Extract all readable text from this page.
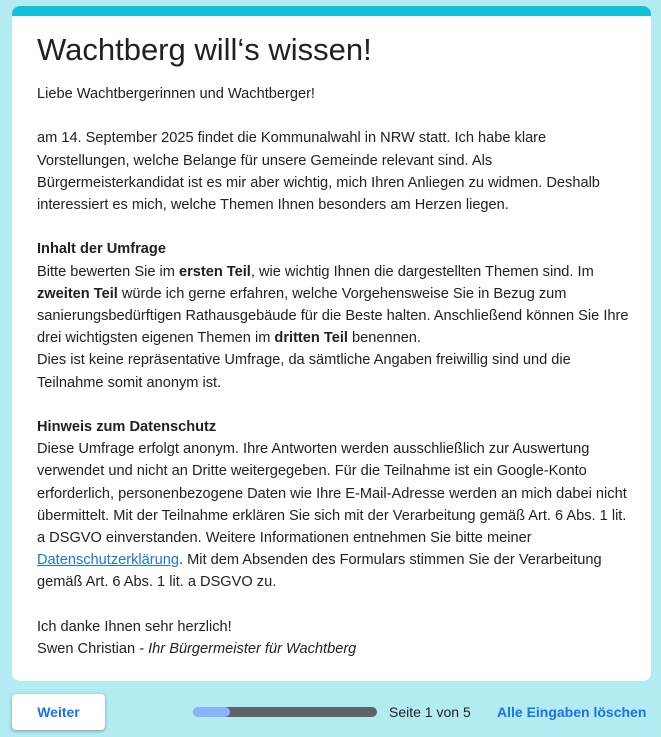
Wachtberg will‘s wissen!

Liebe Wachtbergerinnen und Wachtberger!

am 14. September 2025 findet die Kommunalwahl in NRW statt. Ich habe klare Vorstellungen, welche Belange für unsere Gemeinde relevant sind. Als Bürgermeisterkandidat ist es mir aber wichtig, mich Ihren Anliegen zu widmen. Deshalb interessiert es mich, welche Themen Ihnen besonders am Herzen liegen.

Inhalt der Umfrage

Bitte bewerten Sie im ersten Teil, wie wichtig Ihnen die dargestellten Themen sind. Im zweiten Teil würde ich gerne erfahren, welche Vorgehensweise Sie in Bezug zum sanierungsbedürftigen Rathausgebäude für die Beste halten. Anschließend können Sie Ihre drei wichtigsten eigenen Themen im dritten Teil benennen.

Dies ist keine repräsentative Umfrage, da sämtliche Angaben freiwillig sind und die Teilnahme somit anonym ist.

Hinweis zum Datenschutz

Diese Umfrage erfolgt anonym. Ihre Antworten werden ausschließlich zur Auswertung verwendet und nicht an Dritte weitergegeben. Für die Teilnahme ist ein Google-Konto erforderlich, personenbezogene Daten wie Ihre E-Mail-Adresse werden an mich dabei nicht übermittelt. Mit der Teilnahme erklären Sie sich mit der Verarbeitung gemäß Art. 6 Abs. 1 lit. a DSGVO einverstanden. Weitere Informationen entnehmen Sie bitte meiner Datenschutzerklärung. Mit dem Absenden des Formulars stimmen Sie der Verarbeitung gemäß Art. 6 Abs. 1 lit. a DSGVO zu.

Ich danke Ihnen sehr herzlich!

Swen Christian - Ihr Bürgermeister für Wachtberg

Weiter	Seite 1 von 5 Alle Eingaben löschen
